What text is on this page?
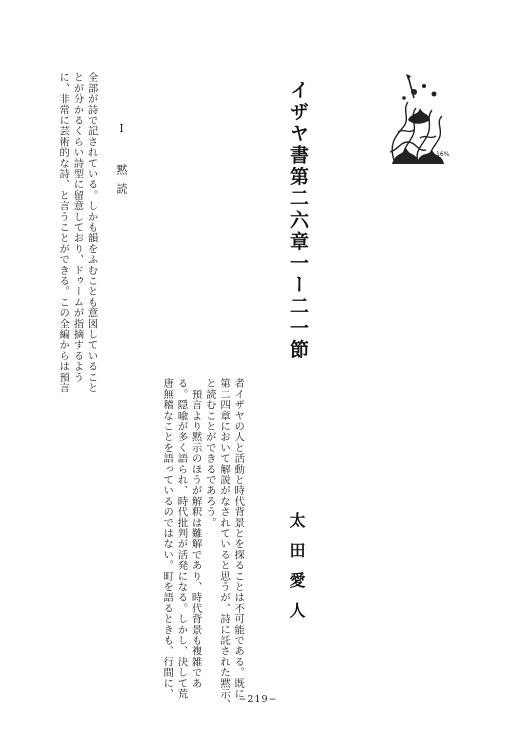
16%
イザヤ書第二六章一ー二一節
太田愛人
I 黙読
全部が詩で記されている。しかも韻をふむことも意図していること
とが分かるくらい詩型に留意しており、ドゥームが指摘するよう
に、非常に芸術的な詩、と言うことができる。この全編からは預言
者イザヤの人と活動と時代背景とを探ることは不可能である。既に
第二四章において解説がなされていると思うが、詩に託された黙示、
と読むことができるであろう。
　預言より黙示のほうが解釈は難解であり、時代背景も複雑であ
る。隠喩が多く語られ、時代批判が活発になる。しかし、決して荒
唐無稽なことを語っているのではない。町を語るときも、行間に、
−219−
